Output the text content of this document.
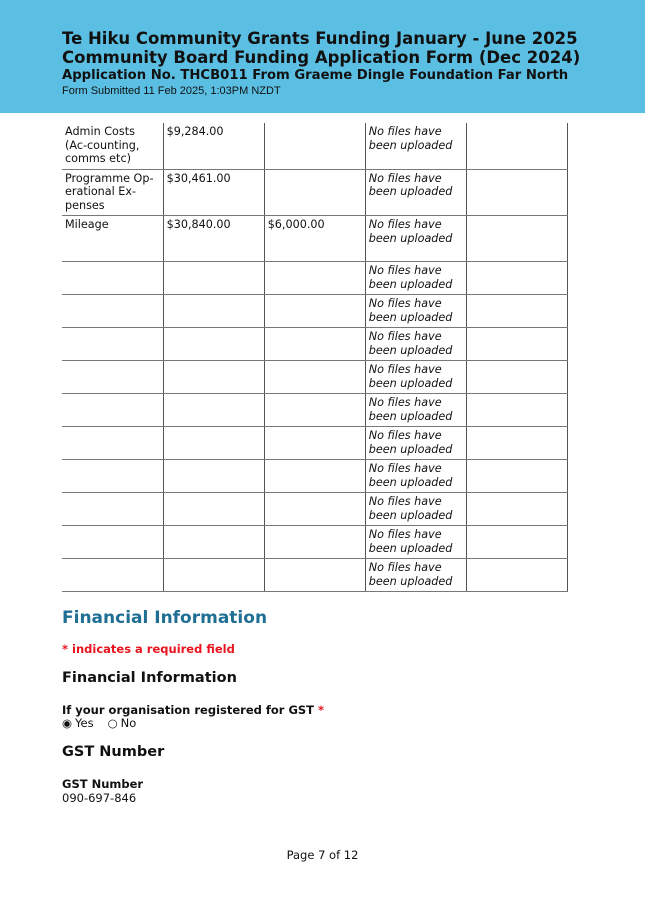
Te Hiku Community Grants Funding January - June 2025
Community Board Funding Application Form (Dec 2024)
Application No. THCB011 From Graeme Dingle Foundation Far North
Form Submitted 11 Feb 2025, 1:03PM NZDT
Admin Costs (Ac-counting, comms etc)	$9,284.00		No files have been uploaded	
Programme Op-erational Ex-penses	$30,461.00		No files have been uploaded	
Mileage	$30,840.00	$6,000.00	No files have been uploaded	
			No files have been uploaded	
			No files have been uploaded	
			No files have been uploaded	
			No files have been uploaded	
			No files have been uploaded	
			No files have been uploaded	
			No files have been uploaded	
			No files have been uploaded	
			No files have been uploaded	
			No files have been uploaded	
Financial Information
* indicates a required field
Financial Information
If your organisation registered for GST *
◉ Yes ○ No
GST Number
GST Number
090-697-846
Page 7 of 12
